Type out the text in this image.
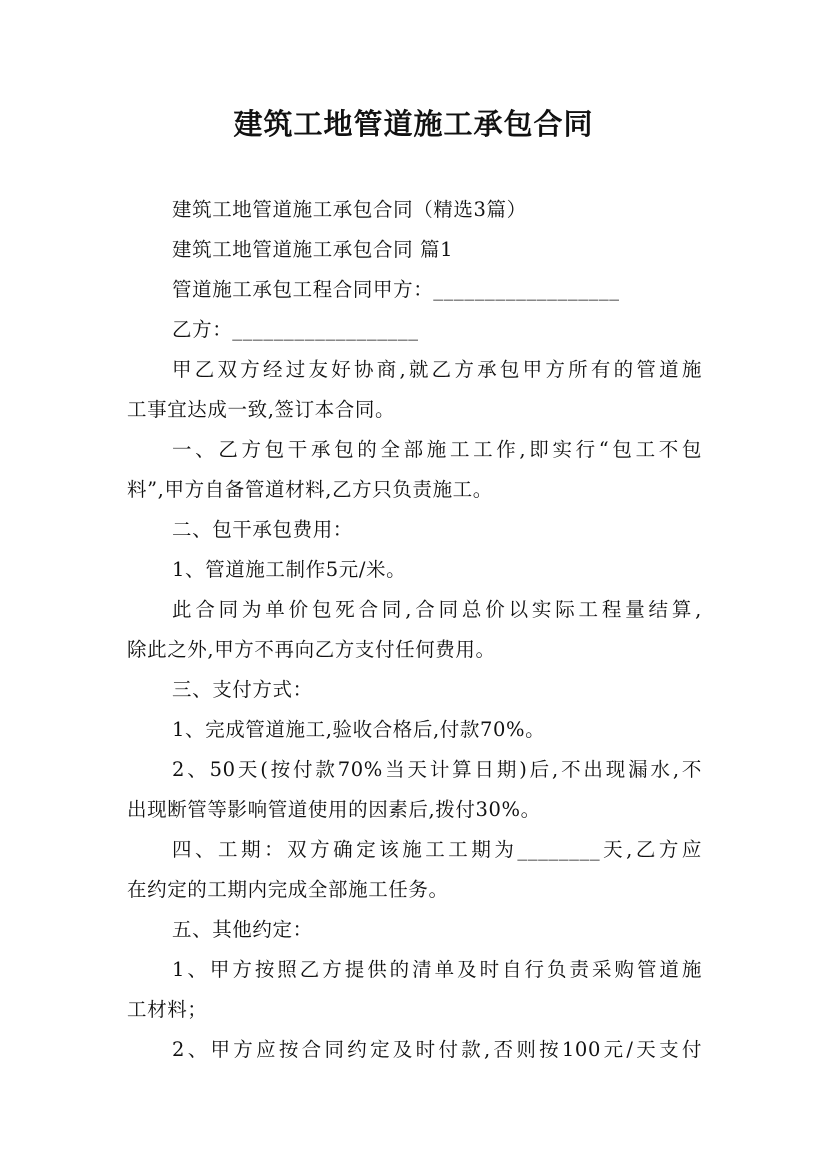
建筑工地管道施工承包合同
建筑工地管道施工承包合同（精选3篇）
建筑工地管道施工承包合同 篇1
管道施工承包工程合同甲方：__________________
乙方：__________________
甲乙双方经过友好协商,就乙方承包甲方所有的管道施
工事宜达成一致,签订本合同。
一、乙方包干承包的全部施工工作,即实行“包工不包
料”,甲方自备管道材料,乙方只负责施工。
二、包干承包费用：
1、管道施工制作5元/米。
此合同为单价包死合同,合同总价以实际工程量结算,
除此之外,甲方不再向乙方支付任何费用。
三、支付方式：
1、完成管道施工,验收合格后,付款70%。
2、50天(按付款70%当天计算日期)后,不出现漏水,不
出现断管等影响管道使用的因素后,拨付30%。
四、工期：双方确定该施工工期为________天,乙方应
在约定的工期内完成全部施工任务。
五、其他约定：
1、甲方按照乙方提供的清单及时自行负责采购管道施
工材料；
2、甲方应按合同约定及时付款,否则按100元/天支付
